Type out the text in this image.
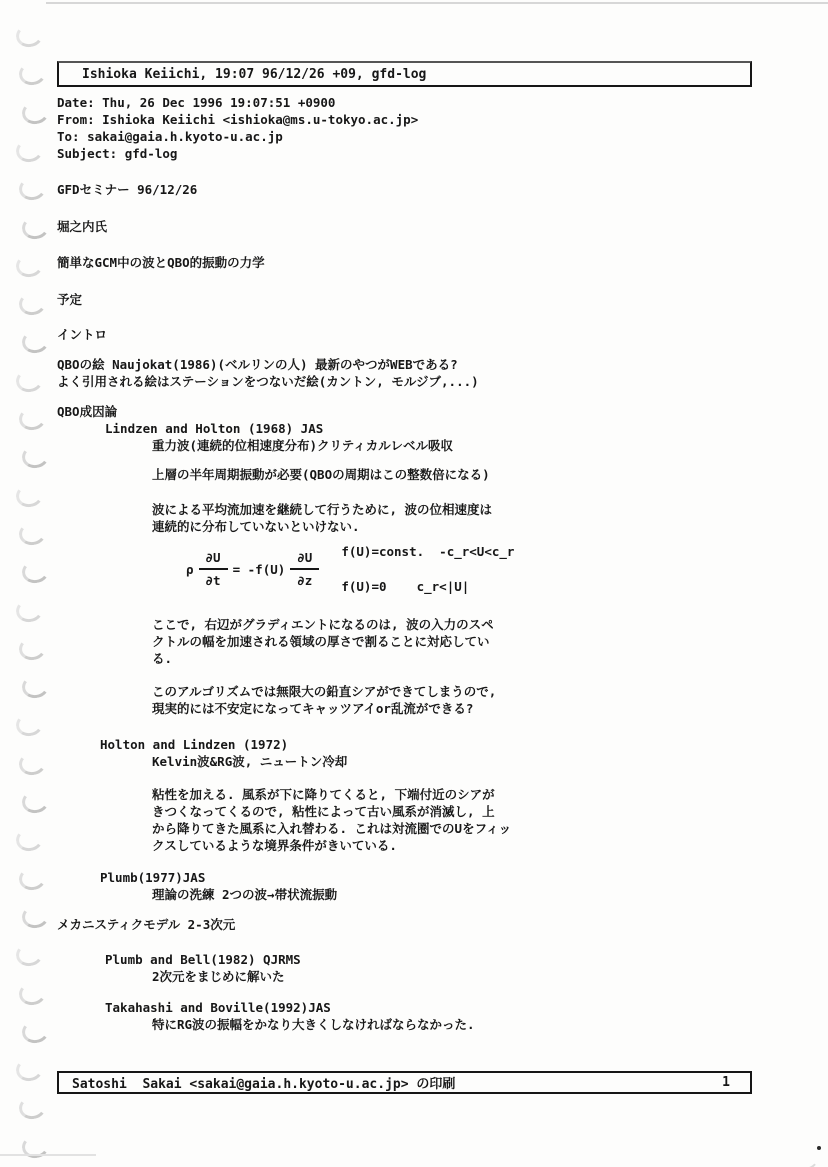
Ishioka Keiichi, 19:07 96/12/26 +09, gfd-log
Date: Thu, 26 Dec 1996 19:07:51 +0900
From: Ishioka Keiichi <ishioka@ms.u-tokyo.ac.jp>
To: sakai@gaia.h.kyoto-u.ac.jp
Subject: gfd-log
GFDセミナー 96/12/26
堀之内氏
簡単なGCM中の波とQBO的振動の力学
予定
イントロ
QBOの絵 Naujokat(1986)(ベルリンの人) 最新のやつがWEBである?
よく引用される絵はステーションをつないだ絵(カントン, モルジブ,...)
QBO成因論
Lindzen and Holton (1968) JAS
重力波(連続的位相速度分布)クリティカルレベル吸収
上層の半年周期振動が必要(QBOの周期はこの整数倍になる)
波による平均流加速を継続して行うために, 波の位相速度は
連続的に分布していないといけない.
ρ $\frac{\partial U}{\partial t} = -f(U) \frac{\partial U}{\partial z}$ f(U)=const.  -c_r<U<c_r
f(U)=0    c_r<|U|
ここで, 右辺がグラディエントになるのは, 波の入力のスペ
クトルの幅を加速される領域の厚さで割ることに対応してい
る.
このアルゴリズムでは無限大の鉛直シアができてしまうので,
現実的には不安定になってキャッツアイor乱流ができる?
Holton and Lindzen (1972)
Kelvin波&RG波, ニュートン冷却
粘性を加える. 風系が下に降りてくると, 下端付近のシアが
きつくなってくるので, 粘性によって古い風系が消滅し, 上
から降りてきた風系に入れ替わる. これは対流圏でのUをフィッ
クスしているような境界条件がきいている.
Plumb(1977)JAS
理論の洗練 2つの波→帯状流振動
メカニスティクモデル 2-3次元
Plumb and Bell(1982) QJRMS
2次元をまじめに解いた
Takahashi and Boville(1992)JAS
特にRG波の振幅をかなり大きくしなければならなかった.
Satoshi  Sakai <sakai@gaia.h.kyoto-u.ac.jp> の印刷	1
